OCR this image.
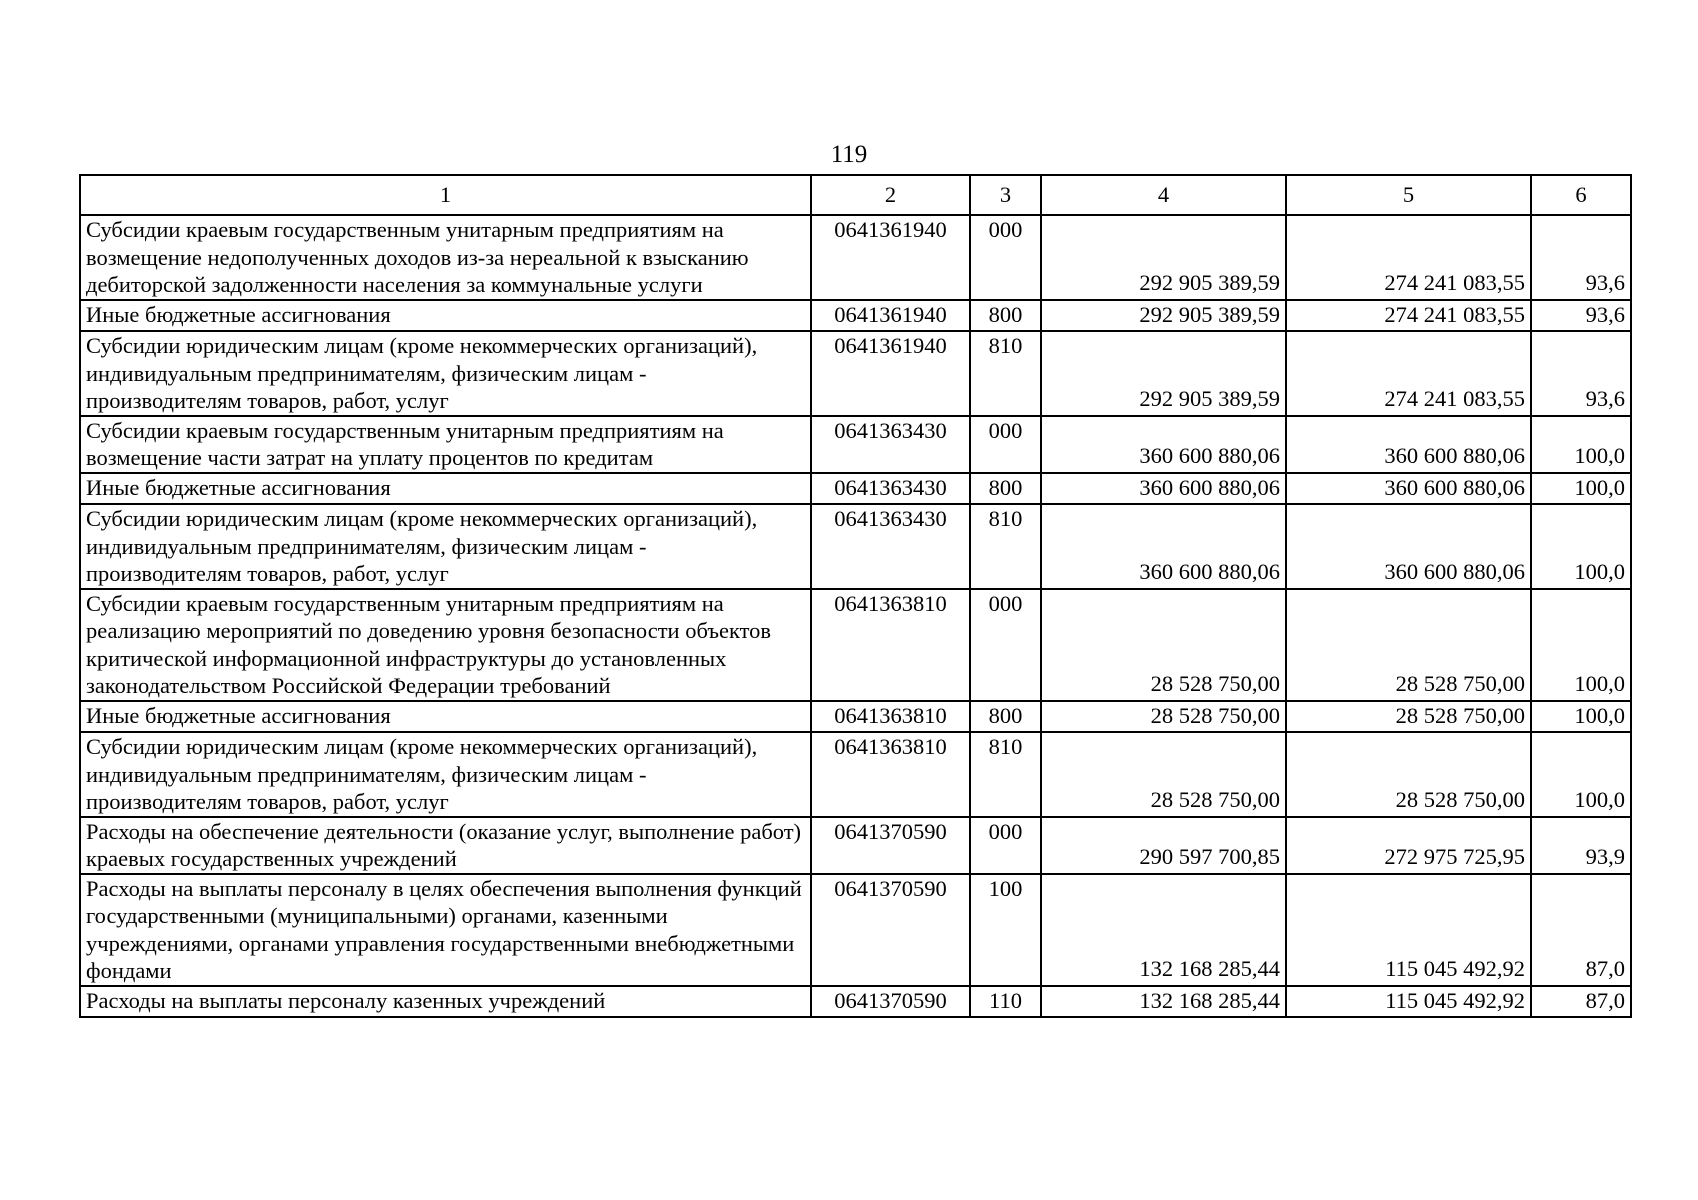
119
1	2	3	4	5	6
Субсидии краевым государственным унитарным предприятиям на возмещение недополученных доходов из-за нереальной к взысканию дебиторской задолженности населения за коммунальные услуги	0641361940	000	292 905 389,59	274 241 083,55	93,6
Иные бюджетные ассигнования	0641361940	800	292 905 389,59	274 241 083,55	93,6
Субсидии юридическим лицам (кроме некоммерческих организаций), индивидуальным предпринимателям, физическим лицам - производителям товаров, работ, услуг	0641361940	810	292 905 389,59	274 241 083,55	93,6
Субсидии краевым государственным унитарным предприятиям на возмещение части затрат на уплату процентов по кредитам	0641363430	000	360 600 880,06	360 600 880,06	100,0
Иные бюджетные ассигнования	0641363430	800	360 600 880,06	360 600 880,06	100,0
Субсидии юридическим лицам (кроме некоммерческих организаций), индивидуальным предпринимателям, физическим лицам - производителям товаров, работ, услуг	0641363430	810	360 600 880,06	360 600 880,06	100,0
Субсидии краевым государственным унитарным предприятиям на реализацию мероприятий по доведению уровня безопасности объектов критической информационной инфраструктуры до установленных законодательством Российской Федерации требований	0641363810	000	28 528 750,00	28 528 750,00	100,0
Иные бюджетные ассигнования	0641363810	800	28 528 750,00	28 528 750,00	100,0
Субсидии юридическим лицам (кроме некоммерческих организаций), индивидуальным предпринимателям, физическим лицам - производителям товаров, работ, услуг	0641363810	810	28 528 750,00	28 528 750,00	100,0
Расходы на обеспечение деятельности (оказание услуг, выполнение работ) краевых государственных учреждений	0641370590	000	290 597 700,85	272 975 725,95	93,9
Расходы на выплаты персоналу в целях обеспечения выполнения функций государственными (муниципальными) органами, казенными учреждениями, органами управления государственными внебюджетными фондами	0641370590	100	132 168 285,44	115 045 492,92	87,0
Расходы на выплаты персоналу казенных учреждений	0641370590	110	132 168 285,44	115 045 492,92	87,0
